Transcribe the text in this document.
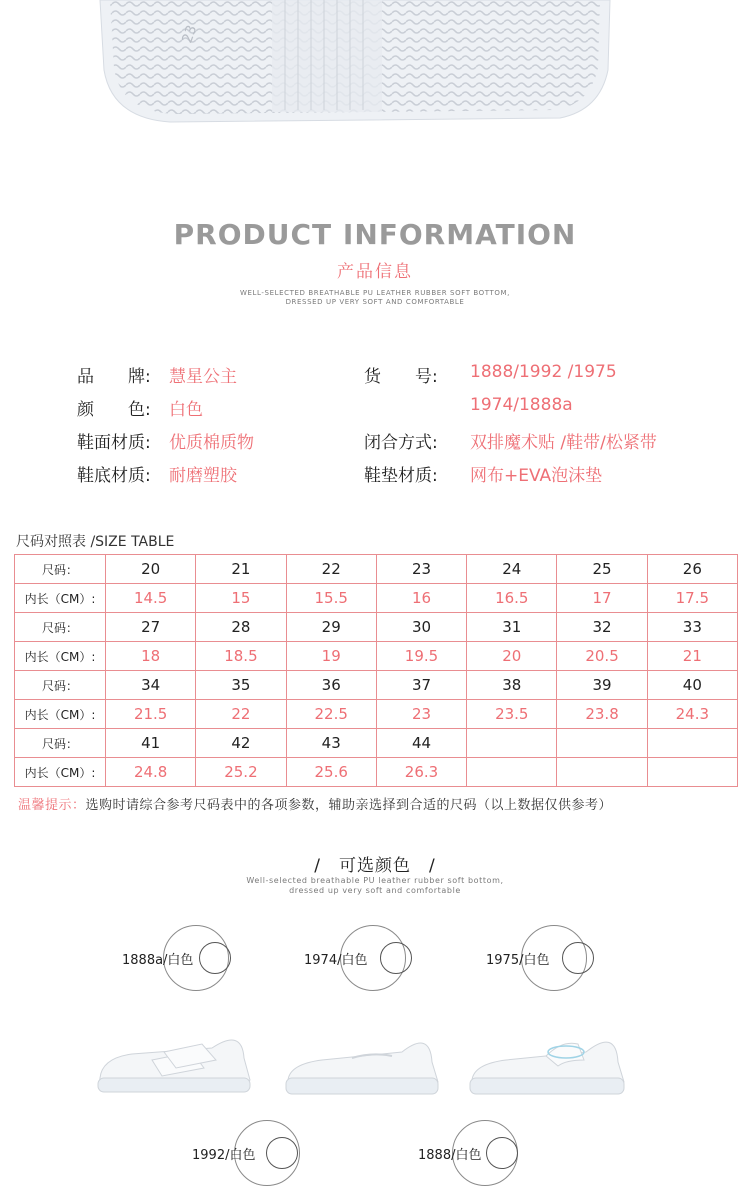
23
PRODUCT INFORMATION
产品信息
WELL-SELECTED BREATHABLE PU LEATHER RUBBER SOFT BOTTOM,
DRESSED UP VERY SOFT AND COMFORTABLE
品　　牌: 慧星公主	货　　号: 1888/1992 /1975
1974/1888a
颜　　色: 白色
鞋面材质: 优质棉质物	闭合方式: 双排魔术贴 /鞋带/松紧带
鞋底材质: 耐磨塑胶	鞋垫材质: 网布+EVA泡沫垫
尺码对照表 /SIZE TABLE
尺码：	20	21	22	23	24	25	26
内长（CM）:	14.5	15	15.5	16	16.5	17	17.5
尺码：	27	28	29	30	31	32	33
内长（CM）:	18	18.5	19	19.5	20	20.5	21
尺码：	34	35	36	37	38	39	40
内长（CM）:	21.5	22	22.5	23	23.5	23.8	24.3
尺码：	41	42	43	44			
内长（CM）:	24.8	25.2	25.6	26.3			
温馨提示：选购时请综合参考尺码表中的各项参数，辅助亲选择到合适的尺码（以上数据仅供参考）
/　可选颜色　/
Well-selected breathable PU leather rubber soft bottom,
dressed up very soft and comfortable
1888a/白色	1974/白色	1975/白色
1992/白色	1888/白色
